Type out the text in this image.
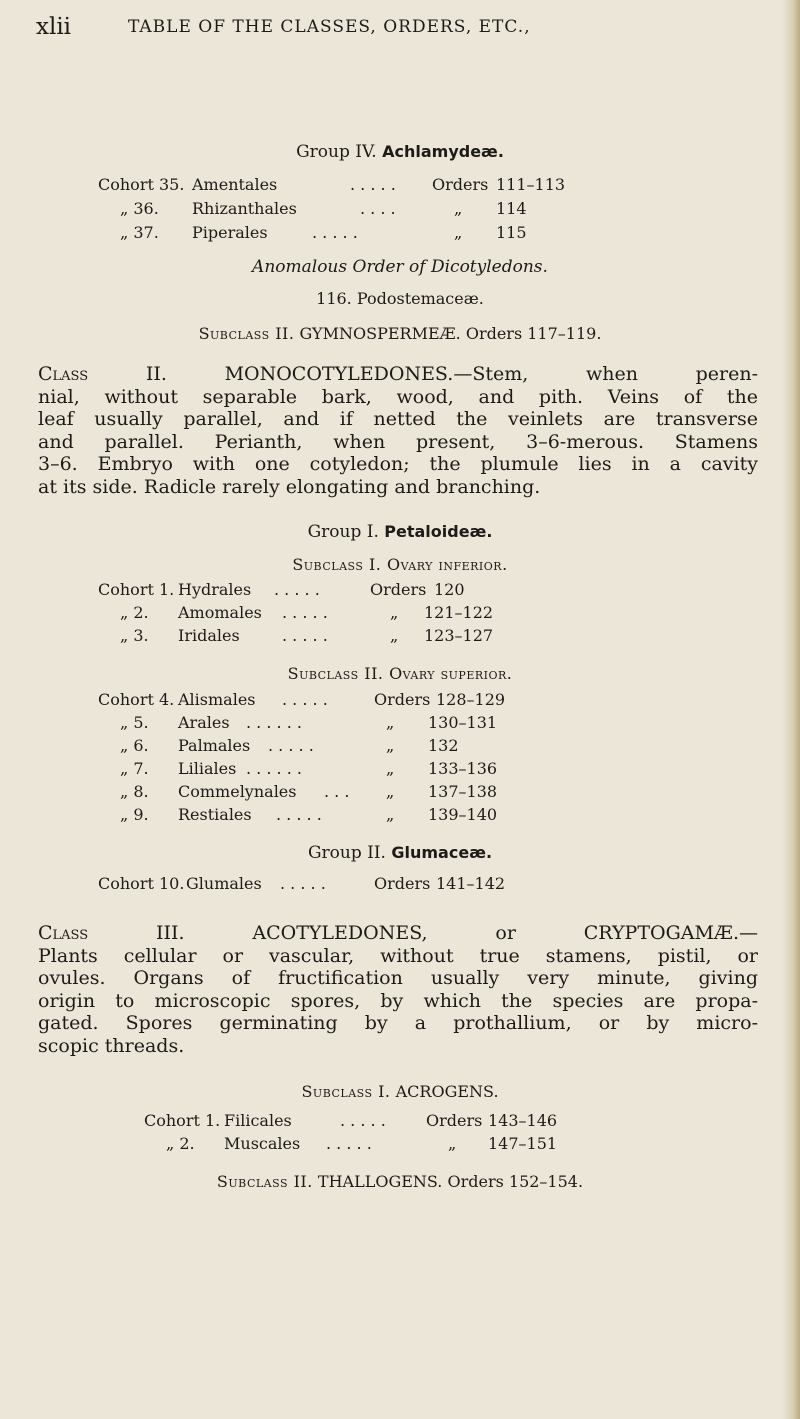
xlii	TABLE OF THE CLASSES, ORDERS, ETC.,
Group IV. Achlamydeæ.
Cohort 35. Amentales	. . . . . Orders 111–113
„ 36. Rhizanthales	. . . .	„ 114
„ 37. Piperales	. . . . .	„ 115
Anomalous Order of Dicotyledons.
116. Podostemaceæ.
Subclass II. GYMNOSPERMEÆ. Orders 117–119.
Class II.	MONOCOTYLEDONES.—Stem, when peren-
nial, without separable bark, wood, and pith. Veins of the
leaf usually parallel, and if netted the veinlets are transverse
and parallel. Perianth, when present, 3–6-merous. Stamens
3–6. Embryo with one cotyledon; the plumule lies in a cavity
at its side. Radicle rarely elongating and branching.
Group I. Petaloideæ.
Subclass I. Ovary inferior.
Cohort 1. Hydrales . . . . .	Orders 120
„ 2. Amomales . . . . .	„ 121–122
„ 3. Iridales	. . . . .	„ 123–127
Subclass II. Ovary superior.
Cohort 4. Alismales . . . . .	Orders 128–129
„ 5. Arales . . . . . .	„ 130–131
„ 6. Palmales . . . . .	„ 132
„ 7. Liliales . . . . . .	„ 133–136
„ 8. Commelynales . . . „ 137–138
„ 9. Restiales . . . . .	„ 139–140
Group II. Glumaceæ.
Cohort 10. Glumales . . . . .	Orders 141–142
Class III.	ACOTYLEDONES, or CRYPTOGAMÆ.—
Plants cellular or vascular, without true stamens, pistil, or
ovules. Organs of fructification usually very minute, giving
origin to microscopic spores, by which the species are propa-
gated. Spores germinating by a prothallium, or by micro-
scopic threads.
Subclass I. ACROGENS.
Cohort 1. Filicales	. . . . .	Orders 143–146
„ 2. Muscales . . . . .	„ 147–151
Subclass II. THALLOGENS. Orders 152–154.
